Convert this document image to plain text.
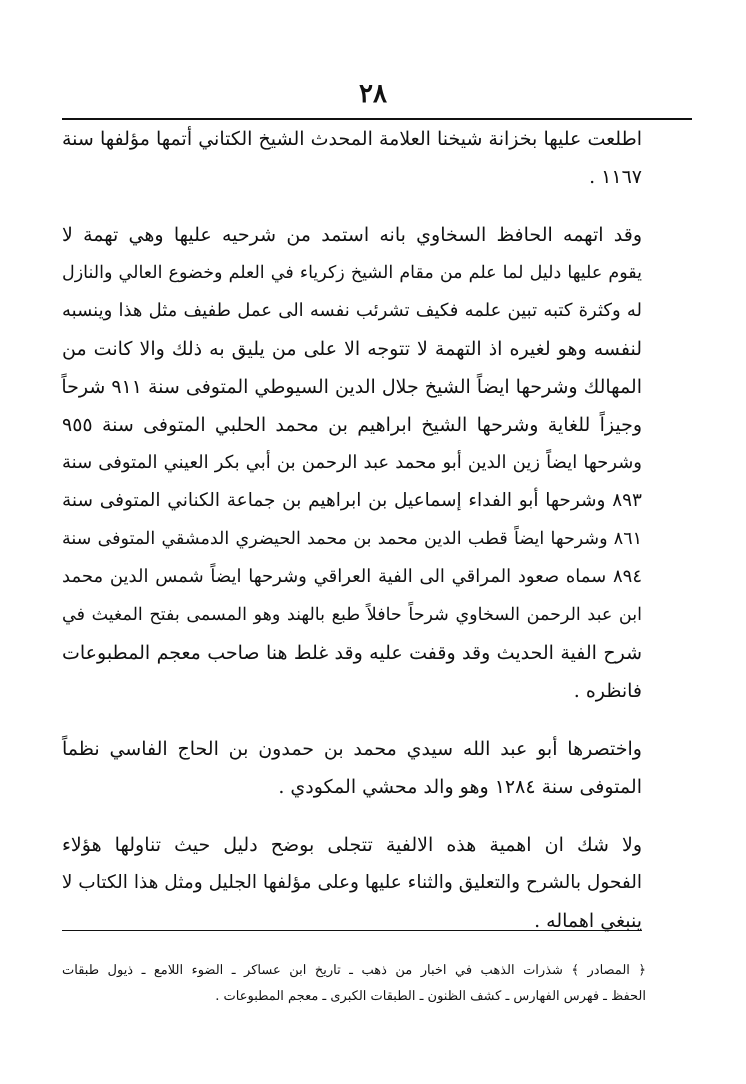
٢٨
اطلعت عليها بخزانة شيخنا العلامة المحدث الشيخ الكتاني أتمها مؤلفها سنة
١١٦٧ .
وقد اتهمه الحافظ السخاوي بانه استمد من شرحيه عليها وهي تهمة لا
يقوم عليها دليل لما علم من مقام الشيخ زكرياء في العلم وخضوع العالي والنازل
له وكثرة كتبه تبين علمه فكيف تشرئب نفسه الى عمل طفيف مثل هذا وينسبه
لنفسه وهو لغيره اذ التهمة لا تتوجه الا على من يليق به ذلك والا كانت من
المهالك وشرحها ايضاً الشيخ جلال الدين السيوطي المتوفى سنة ٩١١ شرحاً
وجيزاً للغاية وشرحها الشيخ ابراهيم بن محمد الحلبي المتوفى سنة ٩٥٥
وشرحها ايضاً زين الدين أبو محمد عبد الرحمن بن أبي بكر العيني المتوفى سنة
٨٩٣ وشرحها أبو الفداء إسماعيل بن ابراهيم بن جماعة الكناني المتوفى سنة
٨٦١ وشرحها ايضاً قطب الدين محمد بن محمد الحيضري الدمشقي المتوفى سنة
٨٩٤ سماه صعود المراقي الى الفية العراقي وشرحها ايضاً شمس الدين محمد
ابن عبد الرحمن السخاوي شرحاً حافلاً طبع بالهند وهو المسمى بفتح المغيث في
شرح الفية الحديث وقد وقفت عليه وقد غلط هنا صاحب معجم المطبوعات
فانظره .
واختصرها أبو عبد الله سيدي محمد بن حمدون بن الحاج الفاسي نظماً
المتوفى سنة ١٢٨٤ وهو والد محشي المكودي .
ولا شك ان اهمية هذه الالفية تتجلى بوضح دليل حيث تناولها هؤلاء
الفحول بالشرح والتعليق والثناء عليها وعلى مؤلفها الجليل ومثل هذا الكتاب لا
ينبغي اهماله .
﴿ المصادر ﴾ شذرات الذهب في اخبار من ذهب ـ تاريخ ابن عساكر ـ الضوء اللامع ـ ذيول طبقات
الحفظ ـ فهرس الفهارس ـ كشف الظنون ـ الطبقات الكبرى ـ معجم المطبوعات .
